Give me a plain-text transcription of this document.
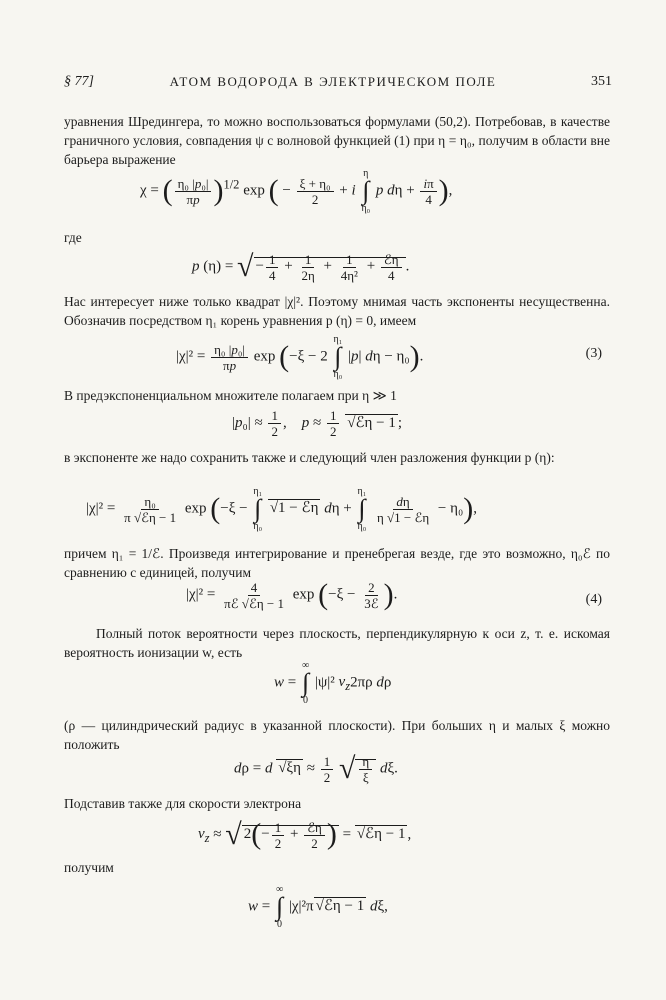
§ 77]	АТОМ ВОДОРОДА В ЭЛЕКТРИЧЕСКОМ ПОЛЕ	351
уравнения Шредингера, то можно воспользоваться формулами (50,2). Потребовав, в качестве граничного условия, совпадения ψ с волновой функцией (1) при η = η₀, получим в области вне барьера выражение
χ = ( $\frac{\text{η₀ |p₀|}}{\pi p} )^{1/2}$ exp ( − $\frac{\text{ξ + η₀}}{2} + i$
η
∫
η₀
p $d\eta + \frac{i\pi}{4}$ ),
где
p (η) = √ − $\frac{1}{4} + \frac{1}{2\eta} + \frac{1}{\text{4η²}} + \frac{\text{ℰη}}{4}$ .
Нас интересует ниже только квадрат |χ|². Поэтому мнимая часть экспоненты несущественна. Обозначив посредством η₁ корень уравнения p (η) = 0, имеем
$|\chi|^2 = \frac{\text{η₀ |p₀|}}{\pi p}$ exp (−ξ − 2
η₁
∫
η₀
|p| dη − η₀).	(3)
В предэкспоненциальном множителе полагаем при η ≫ 1
$|p_0| \approx \frac{1}{2}$ ,    $p \approx \frac{1}{2}$ √ℰη − 1 ;
в экспоненте же надо сохранить также и следующий член разложения функции p (η):
$|\chi|^2 = \frac{\text{η₀}}{\text{π √ℰη − 1}}$ exp (−ξ −
η₁
∫
η₀
√1 − ℰη dη +
η₁
∫
η₀

$\frac{d\eta}{\text{η √1 − ℰη}} - \eta_0$),
причем η₁ = 1/ℰ. Произведя интегрирование и пренебрегая везде, где это возможно, η₀ℰ по сравнению с единицей, получим
$|\chi|^2 = \frac{4}{\text{πℰ √ℰη − 1}}$ $\exp (-\xi - \frac{2}{\text{3ℰ}}$ ).	(4)
Полный поток вероятности через плоскость, перпендикулярную к оси z, т. е. искомая вероятность ионизации w, есть
w =
∞
∫
0
|ψ|² $v_z2\pi\rho$ dρ
(ρ — цилиндрический радиус в указанной плоскости). При больших η и малых ξ можно положить
dρ = d $√\xi\eta \approx \frac{1}{2}$ √ $\frac{\eta}{\xi} d\xi$.
Подставив также для скорости электрона
$v_z$ ≈ √ $2(- \frac{1}{2} + \frac{\text{ℰη}}{2}$ ) = √ℰη − 1 ,
получим
w =
∞
∫
0
|χ|²π √ℰη − 1 dξ,
